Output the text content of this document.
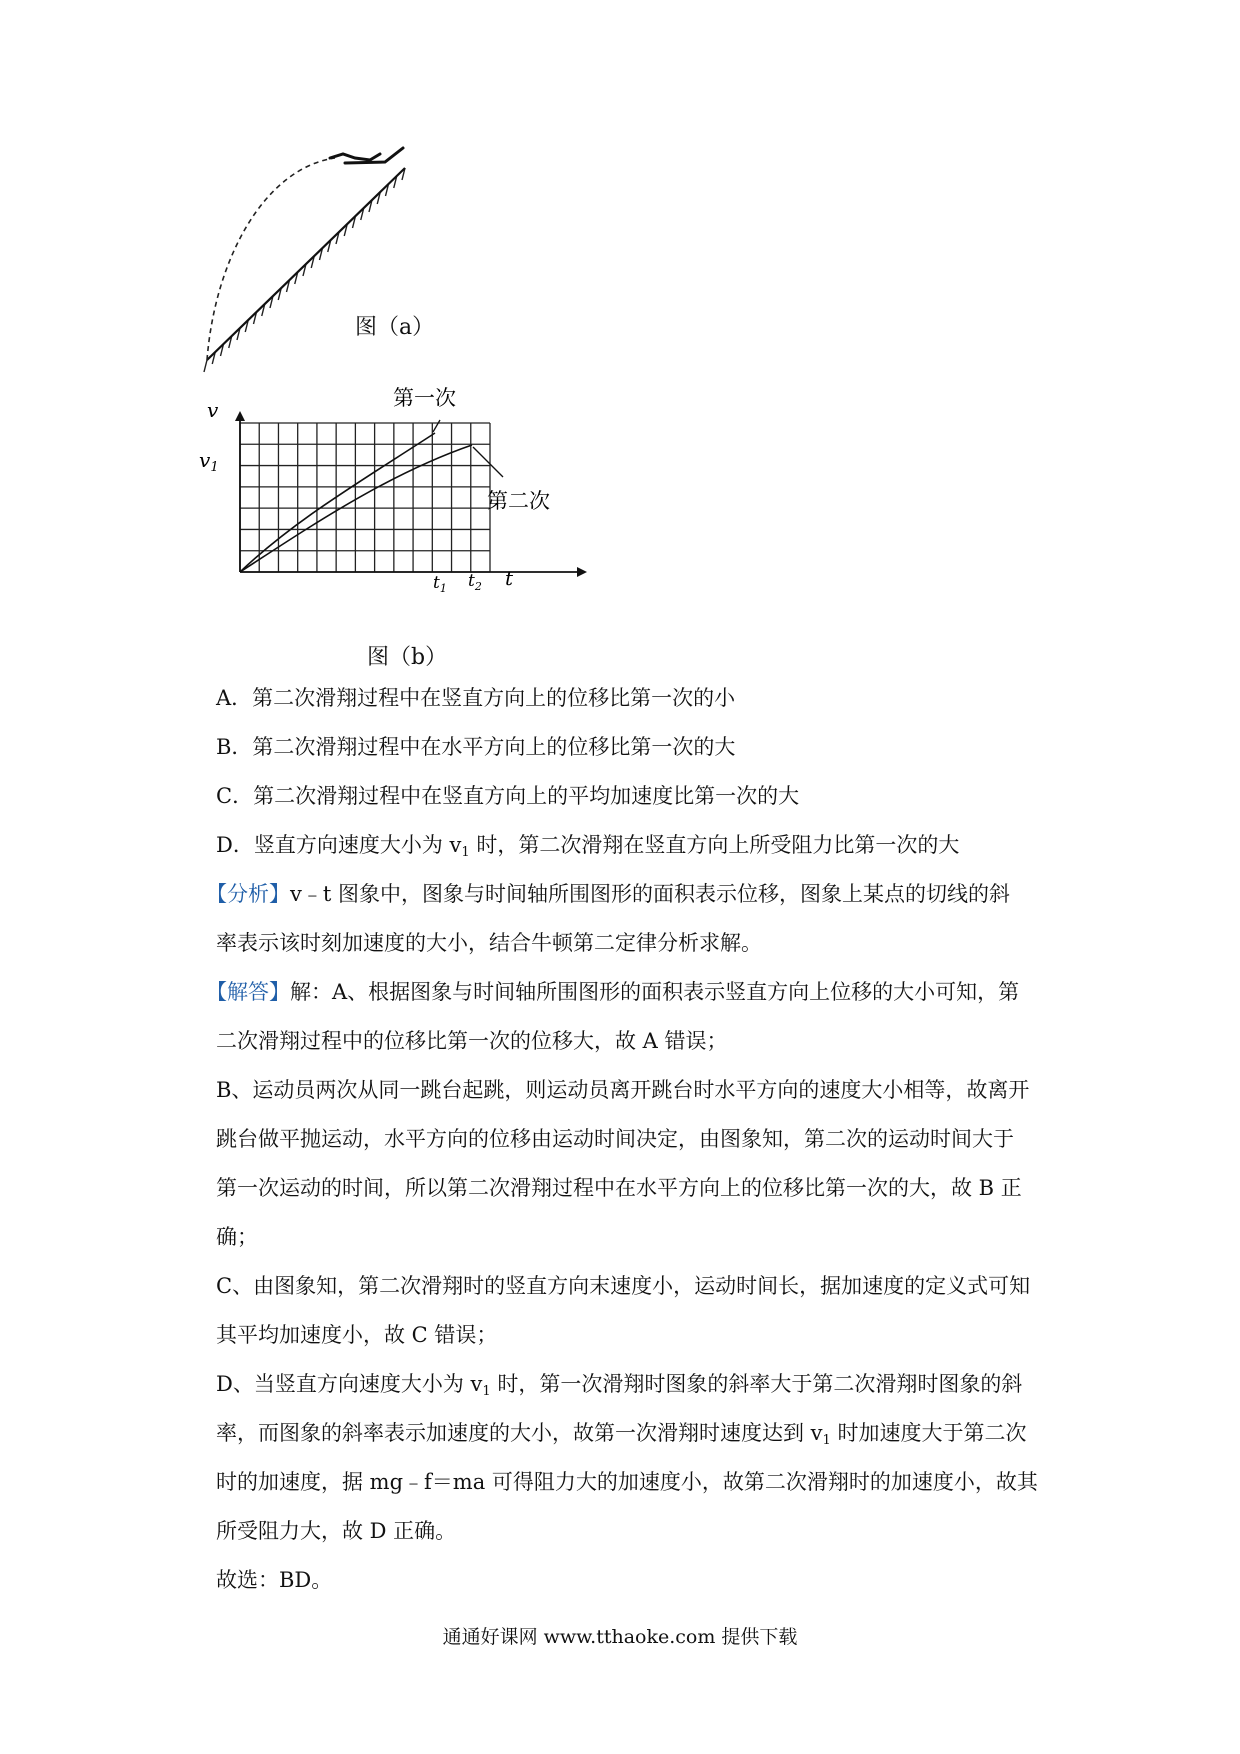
图（a）
v
$v_1$
t
$t_1$ $t_2$
第一次
第二次
图（b）
A．第二次滑翔过程中在竖直方向上的位移比第一次的小
B．第二次滑翔过程中在水平方向上的位移比第一次的大
C．第二次滑翔过程中在竖直方向上的平均加速度比第一次的大
D．竖直方向速度大小为 v1 时，第二次滑翔在竖直方向上所受阻力比第一次的大
【分析】v﹣t 图象中，图象与时间轴所围图形的面积表示位移，图象上某点的切线的斜
率表示该时刻加速度的大小，结合牛顿第二定律分析求解。
【解答】解：A、根据图象与时间轴所围图形的面积表示竖直方向上位移的大小可知，第
二次滑翔过程中的位移比第一次的位移大，故 A 错误；
B、运动员两次从同一跳台起跳，则运动员离开跳台时水平方向的速度大小相等，故离开
跳台做平抛运动，水平方向的位移由运动时间决定，由图象知，第二次的运动时间大于
第一次运动的时间，所以第二次滑翔过程中在水平方向上的位移比第一次的大，故 B 正
确；
C、由图象知，第二次滑翔时的竖直方向末速度小，运动时间长，据加速度的定义式可知
其平均加速度小，故 C 错误；
D、当竖直方向速度大小为 v1 时，第一次滑翔时图象的斜率大于第二次滑翔时图象的斜
率，而图象的斜率表示加速度的大小，故第一次滑翔时速度达到 v1 时加速度大于第二次
时的加速度，据 mg﹣f＝ma 可得阻力大的加速度小，故第二次滑翔时的加速度小，故其
所受阻力大，故 D 正确。
故选：BD。
通通好课网 www.tthaoke.com 提供下载
